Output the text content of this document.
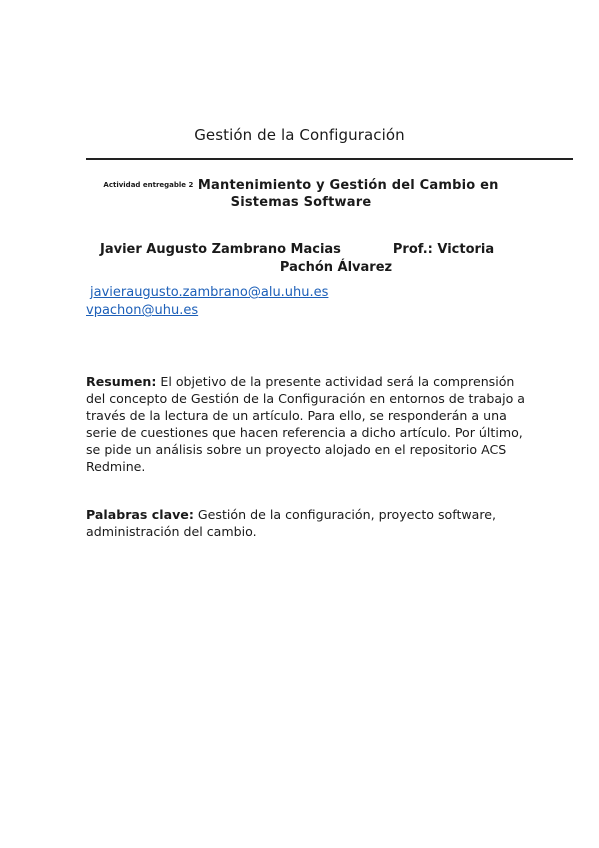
Gestión de la Configuración
Actividad entregable 2 Mantenimiento y Gestión del Cambio en Sistemas Software
Javier Augusto Zambrano Macias	Prof.: Victoria
Pachón Álvarez
javieraugusto.zambrano@alu.uhu.es
vpachon@uhu.es
Resumen: El objetivo de la presente actividad será la comprensión del concepto de Gestión de la Configuración en entornos de trabajo a través de la lectura de un artículo. Para ello, se responderán a una serie de cuestiones que hacen referencia a dicho artículo. Por último, se pide un análisis sobre un proyecto alojado en el repositorio ACS Redmine.
Palabras clave: Gestión de la configuración, proyecto software, administración del cambio.
